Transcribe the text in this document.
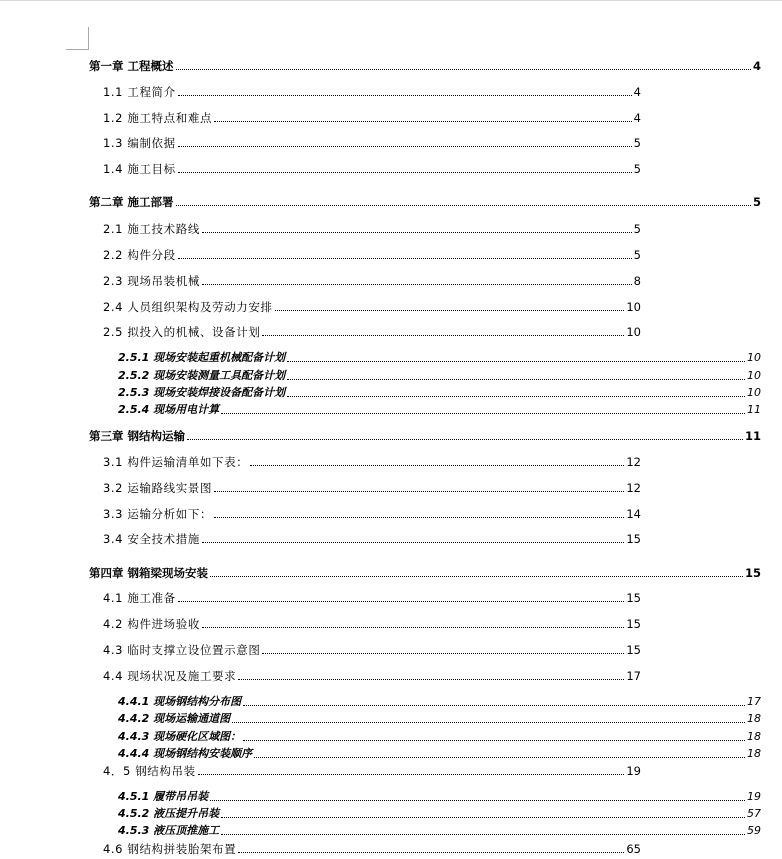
第一章 工程概述	4
1.1 工程简介	4
1.2 施工特点和难点	4
1.3 编制依据	5
1.4 施工目标	5
第二章 施工部署	5
2.1 施工技术路线	5
2.2 构件分段	5
2.3 现场吊装机械	8
2.4 人员组织架构及劳动力安排	10
2.5 拟投入的机械、设备计划	10
2.5.1 现场安装起重机械配备计划	10
2.5.2 现场安装测量工具配备计划	10
2.5.3 现场安装焊接设备配备计划	10
2.5.4 现场用电计算	11
第三章 钢结构运输	11
3.1 构件运输清单如下表：	12
3.2 运输路线实景图	12
3.3 运输分析如下：	14
3.4 安全技术措施	15
第四章 钢箱梁现场安装	15
4.1 施工准备	15
4.2 构件进场验收	15
4.3 临时支撑立设位置示意图	15
4.4 现场状况及施工要求	17
4.4.1 现场钢结构分布图	17
4.4.2 现场运输通道图	18
4.4.3 现场硬化区域图：	18
4.4.4 现场钢结构安装顺序	18
4．5 钢结构吊装	19
4.5.1 履带吊吊装	19
4.5.2 液压提升吊装	57
4.5.3 液压顶推施工	59
4.6 钢结构拼装胎架布置	65
